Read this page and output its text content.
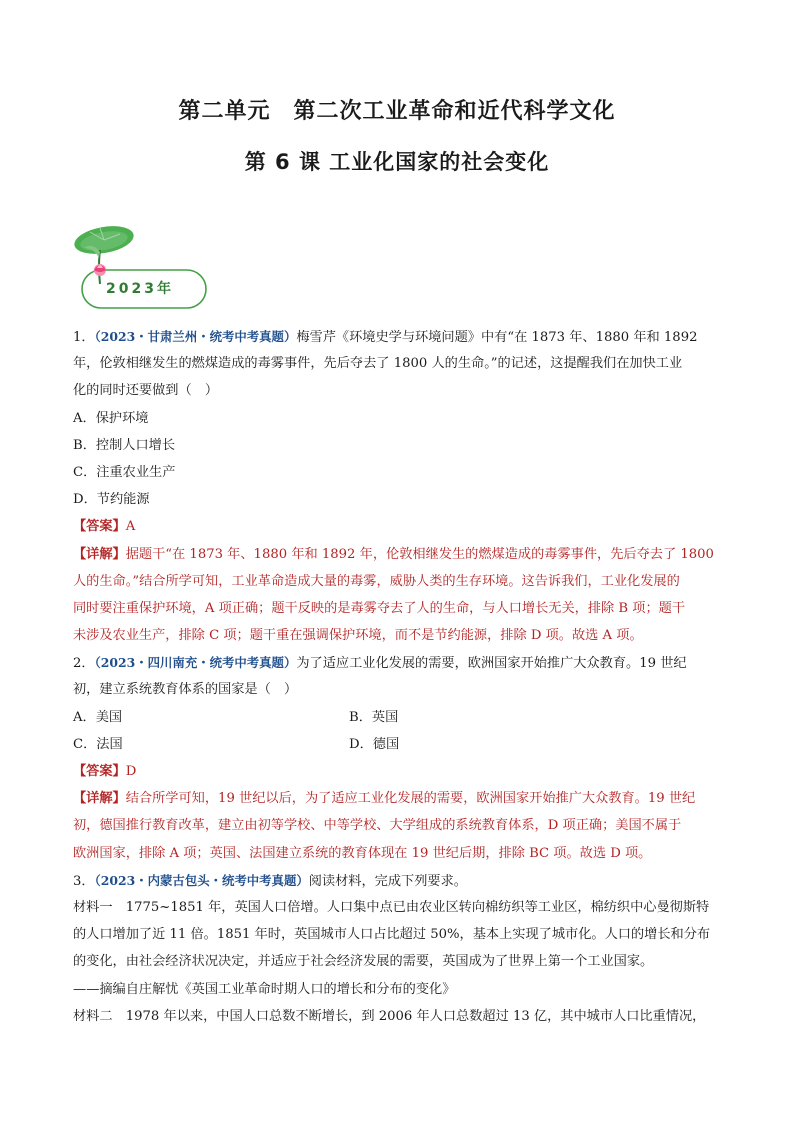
第二单元　第二次工业革命和近代科学文化
第 6 课 工业化国家的社会变化
2023年
1．（2023・甘肃兰州・统考中考真题）梅雪芹《环境史学与环境问题》中有“在 1873 年、1880 年和 1892
年，伦敦相继发生的燃煤造成的毒雾事件，先后夺去了 1800 人的生命。”的记述，这提醒我们在加快工业
化的同时还要做到（　）
A．保护环境
B．控制人口增长
C．注重农业生产
D．节约能源
【答案】A
【详解】据题干“在 1873 年、1880 年和 1892 年，伦敦相继发生的燃煤造成的毒雾事件，先后夺去了 1800
人的生命。”结合所学可知，工业革命造成大量的毒雾，威胁人类的生存环境。这告诉我们，工业化发展的
同时要注重保护环境，A 项正确；题干反映的是毒雾夺去了人的生命，与人口增长无关，排除 B 项；题干
未涉及农业生产，排除 C 项；题干重在强调保护环境，而不是节约能源，排除 D 项。故选 A 项。
2．（2023・四川南充・统考中考真题）为了适应工业化发展的需要，欧洲国家开始推广大众教育。19 世纪
初，建立系统教育体系的国家是（　）
A．美国	B．英国
C．法国	D．德国
【答案】D
【详解】结合所学可知，19 世纪以后，为了适应工业化发展的需要，欧洲国家开始推广大众教育。19 世纪
初，德国推行教育改革，建立由初等学校、中等学校、大学组成的系统教育体系，D 项正确；美国不属于
欧洲国家，排除 A 项；英国、法国建立系统的教育体现在 19 世纪后期，排除 BC 项。故选 D 项。
3．（2023・内蒙古包头・统考中考真题）阅读材料，完成下列要求。
材料一　1775~1851 年，英国人口倍增。人口集中点已由农业区转向棉纺织等工业区，棉纺织中心曼彻斯特
的人口增加了近 11 倍。1851 年时，英国城市人口占比超过 50%，基本上实现了城市化。人口的增长和分布
的变化，由社会经济状况决定，并适应于社会经济发展的需要，英国成为了世界上第一个工业国家。
——摘编自庄解忧《英国工业革命时期人口的增长和分布的变化》
材料二　1978 年以来，中国人口总数不断增长，到 2006 年人口总数超过 13 亿，其中城市人口比重情况，
